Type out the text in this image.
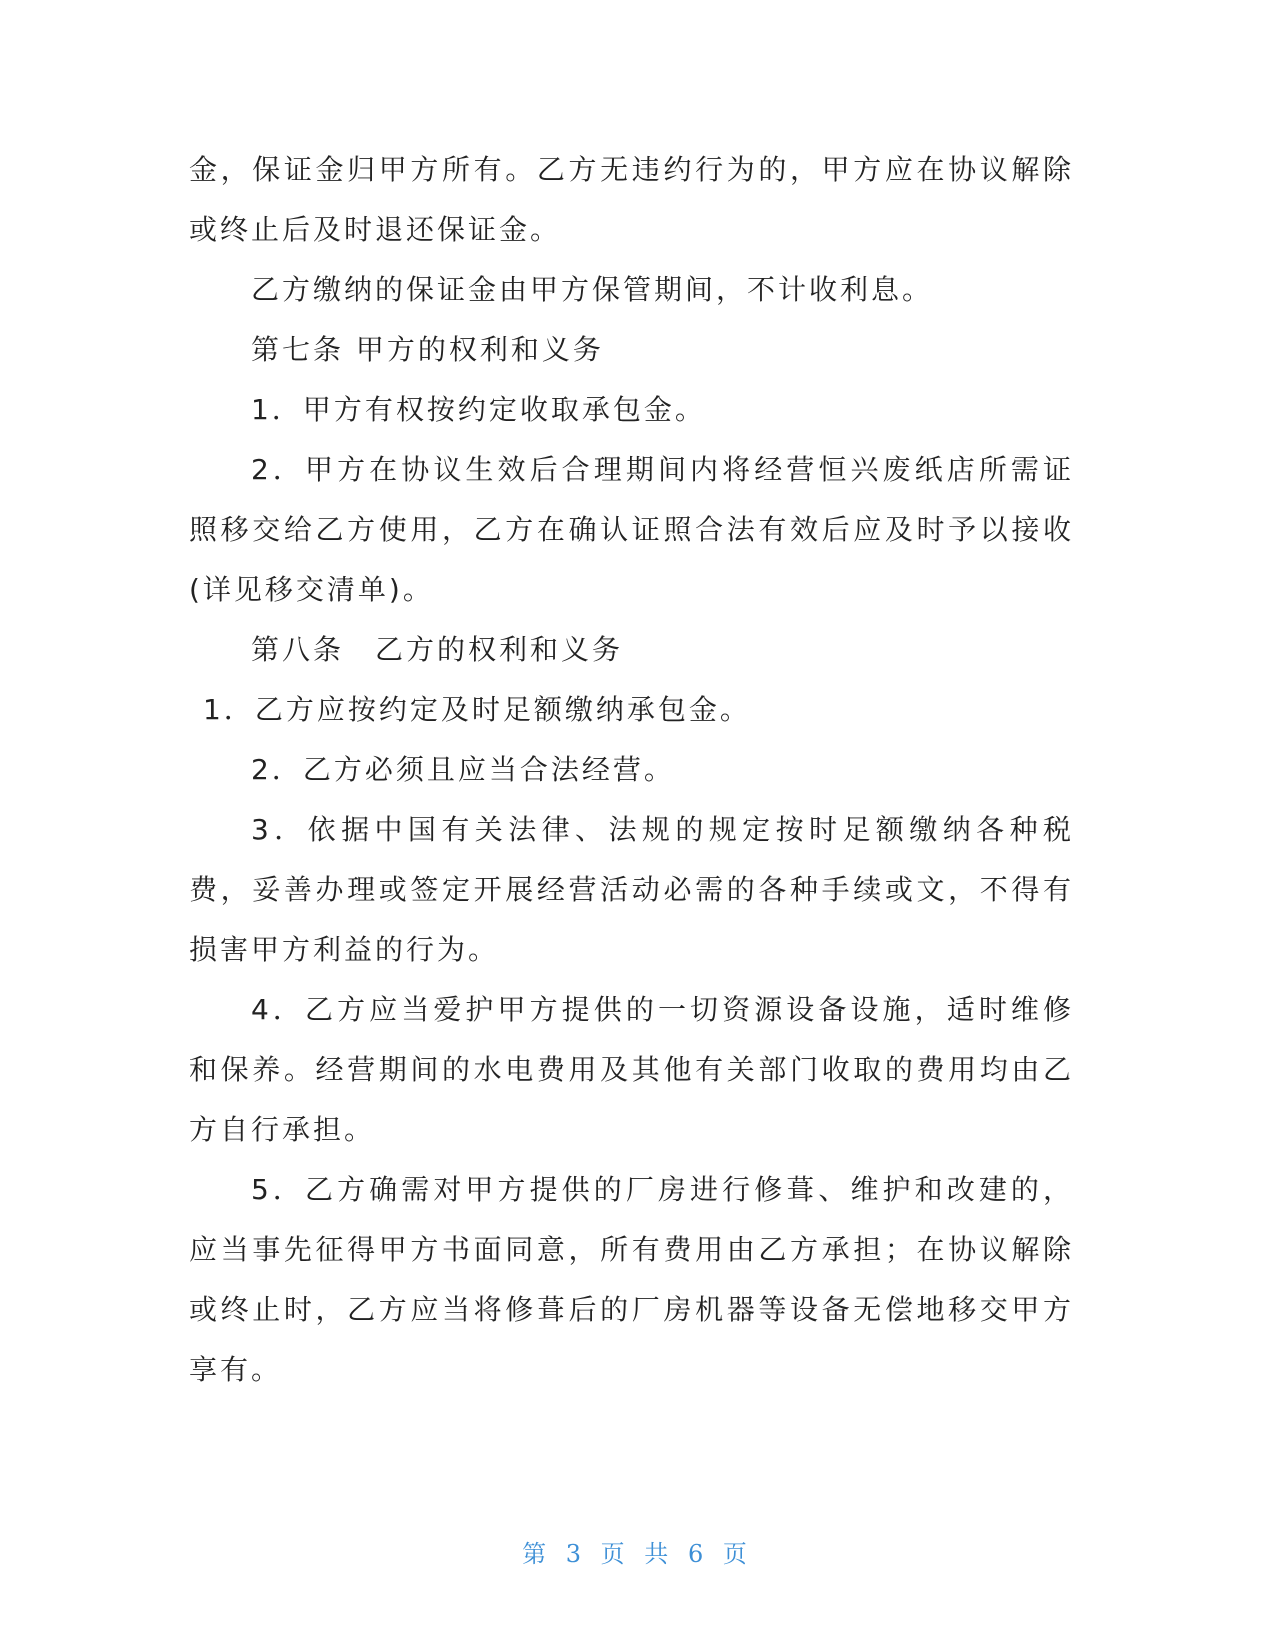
金，保证金归甲方所有。乙方无违约行为的，甲方应在协议解除或终止后及时退还保证金。

乙方缴纳的保证金由甲方保管期间，不计收利息。

第七条 甲方的权利和义务

1．甲方有权按约定收取承包金。

2．甲方在协议生效后合理期间内将经营恒兴废纸店所需证照移交给乙方使用，乙方在确认证照合法有效后应及时予以接收(详见移交清单)。

第八条　乙方的权利和义务

1．乙方应按约定及时足额缴纳承包金。

2．乙方必须且应当合法经营。

3．依据中国有关法律、法规的规定按时足额缴纳各种税费，妥善办理或签定开展经营活动必需的各种手续或文，不得有损害甲方利益的行为。

4．乙方应当爱护甲方提供的一切资源设备设施，适时维修和保养。经营期间的水电费用及其他有关部门收取的费用均由乙方自行承担。

5．乙方确需对甲方提供的厂房进行修葺、维护和改建的，应当事先征得甲方书面同意，所有费用由乙方承担；在协议解除或终止时，乙方应当将修葺后的厂房机器等设备无偿地移交甲方享有。

第 3 页 共 6 页
